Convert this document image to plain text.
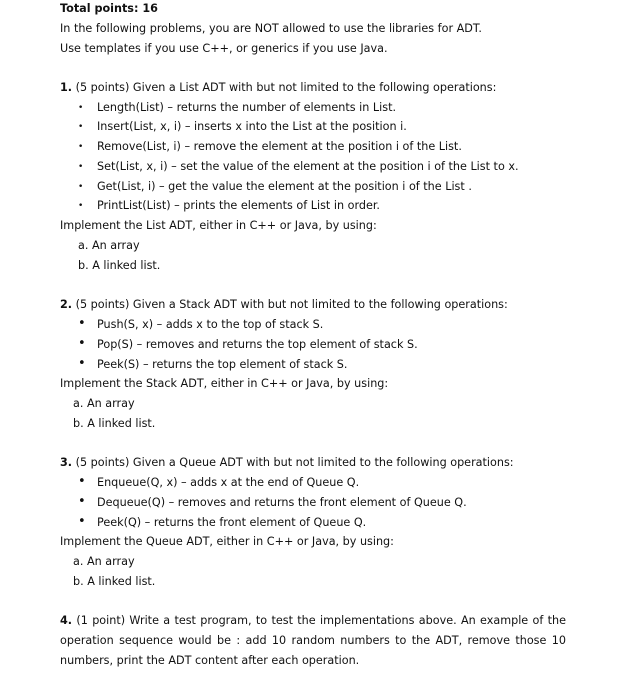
Total points: 16
In the following problems, you are NOT allowed to use the libraries for ADT.
Use templates if you use C++, or generics if you use Java.
1. (5 points) Given a List ADT with but not limited to the following operations:
• Length(List) – returns the number of elements in List.
• Insert(List, x, i) – inserts x into the List at the position i.
• Remove(List, i) – remove the element at the position i of the List.
• Set(List, x, i) – set the value of the element at the position i of the List to x.
• Get(List, i) – get the value the element at the position i of the List .
• PrintList(List) – prints the elements of List in order.
Implement the List ADT, either in C++ or Java, by using:
a. An array
b. A linked list.
2. (5 points) Given a Stack ADT with but not limited to the following operations:
• Push(S, x) – adds x to the top of stack S.
• Pop(S) – removes and returns the top element of stack S.
• Peek(S) – returns the top element of stack S.
Implement the Stack ADT, either in C++ or Java, by using:
a. An array
b. A linked list.
3. (5 points) Given a Queue ADT with but not limited to the following operations:
• Enqueue(Q, x) – adds x at the end of Queue Q.
• Dequeue(Q) – removes and returns the front element of Queue Q.
• Peek(Q) – returns the front element of Queue Q.
Implement the Queue ADT, either in C++ or Java, by using:
a. An array
b. A linked list.
4. (1 point) Write a test program, to test the implementations above. An example of the
operation sequence would be : add 10 random numbers to the ADT, remove those 10
numbers, print the ADT content after each operation.
